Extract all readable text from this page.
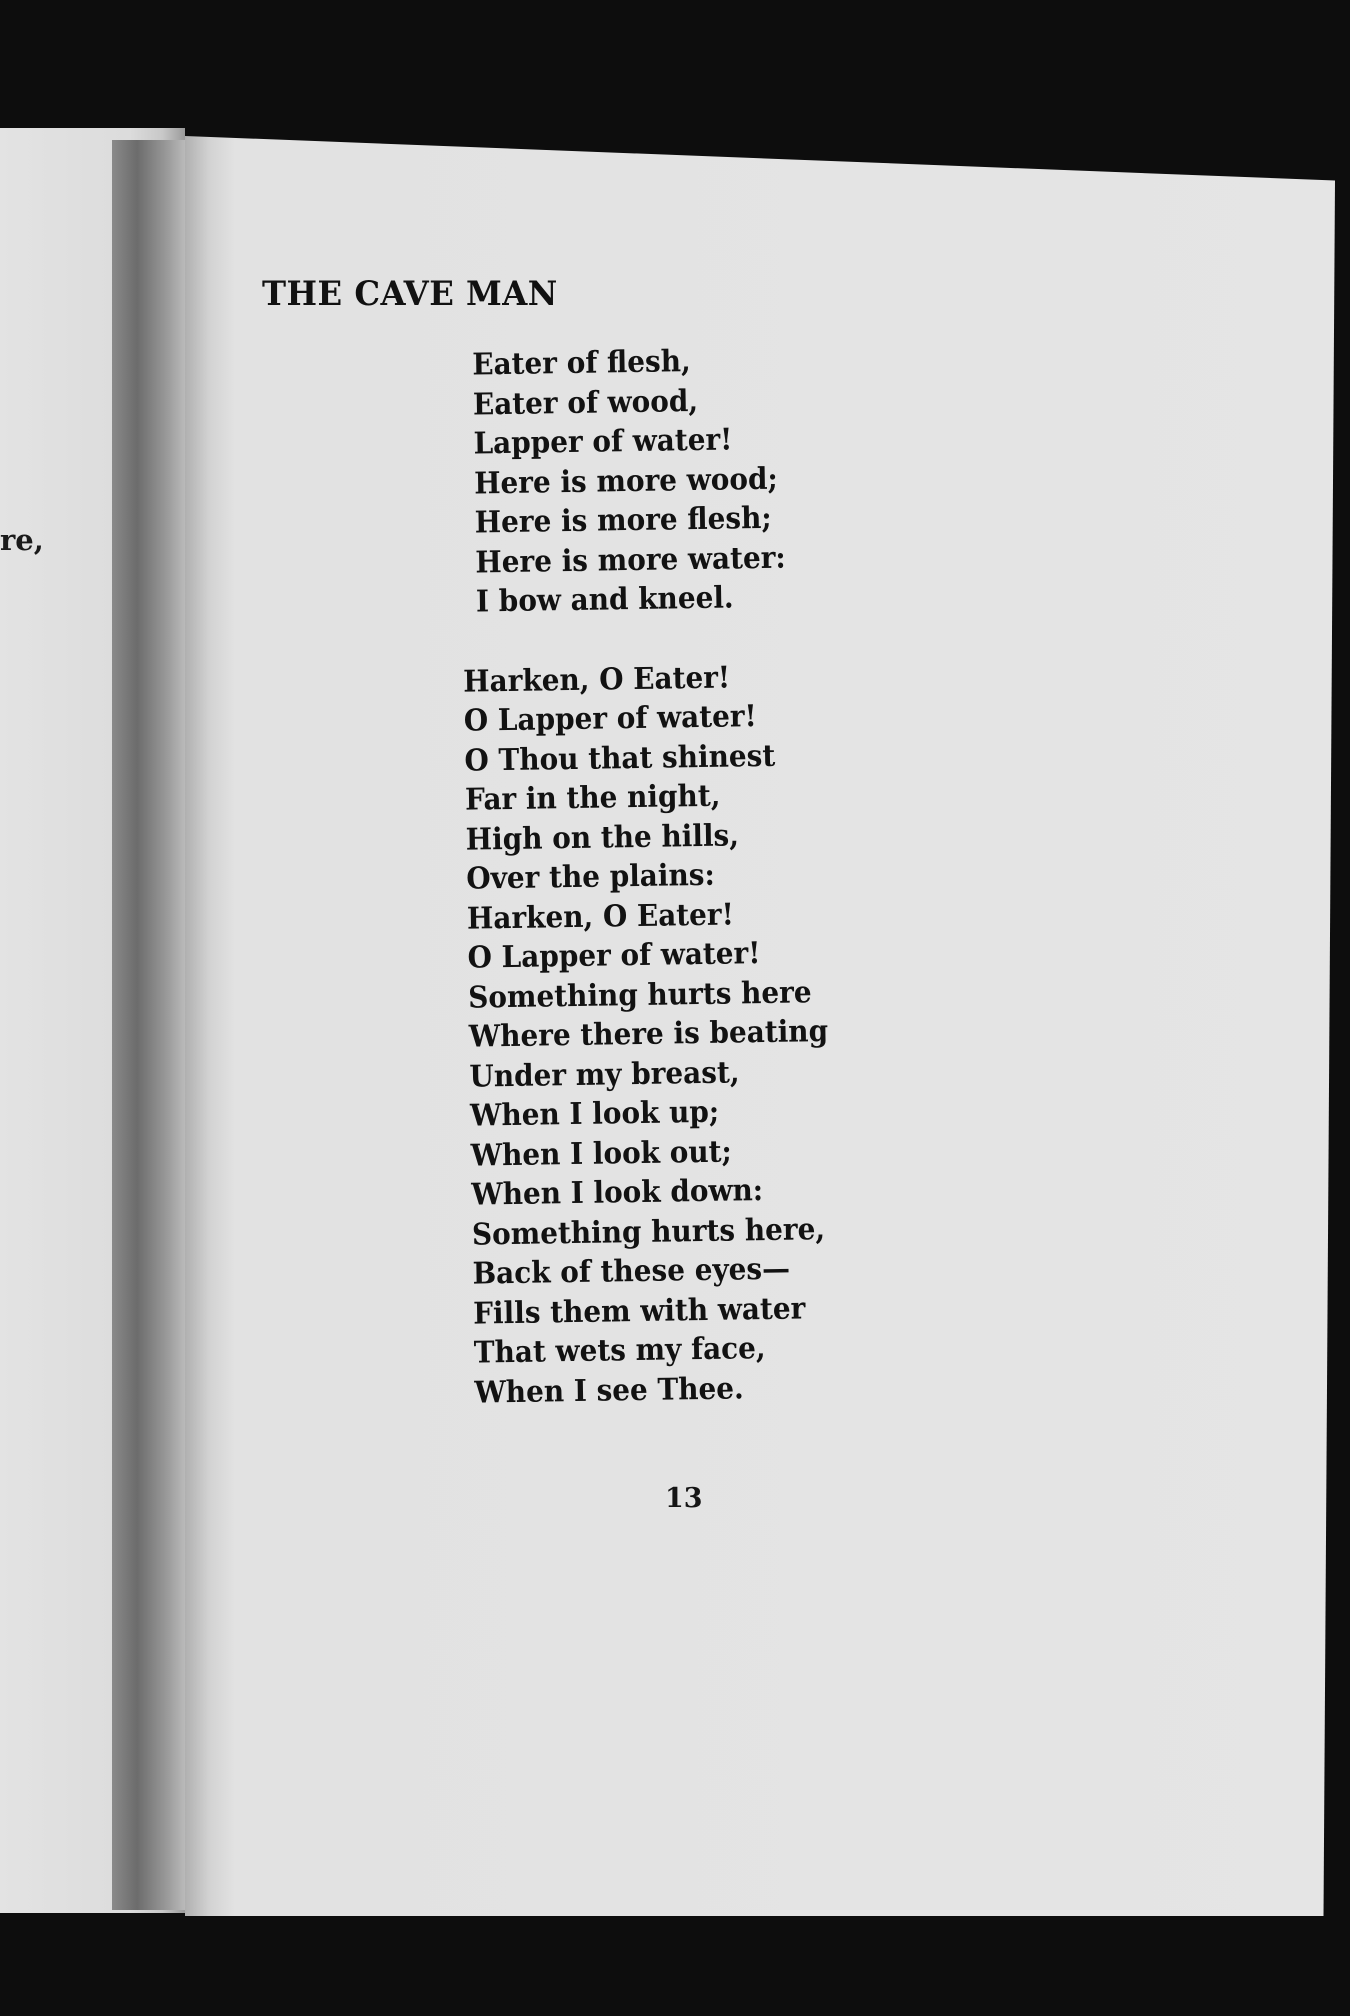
re,
THE CAVE MAN
Eater of flesh,
Eater of wood,
Lapper of water!
Here is more wood;
Here is more flesh;
Here is more water:
I bow and kneel.
Harken, O Eater!
O Lapper of water!
O Thou that shinest
Far in the night,
High on the hills,
Over the plains:
Harken, O Eater!
O Lapper of water!
Something hurts here
Where there is beating
Under my breast,
When I look up;
When I look out;
When I look down:
Something hurts here,
Back of these eyes—
Fills them with water
That wets my face,
When I see Thee.
13
